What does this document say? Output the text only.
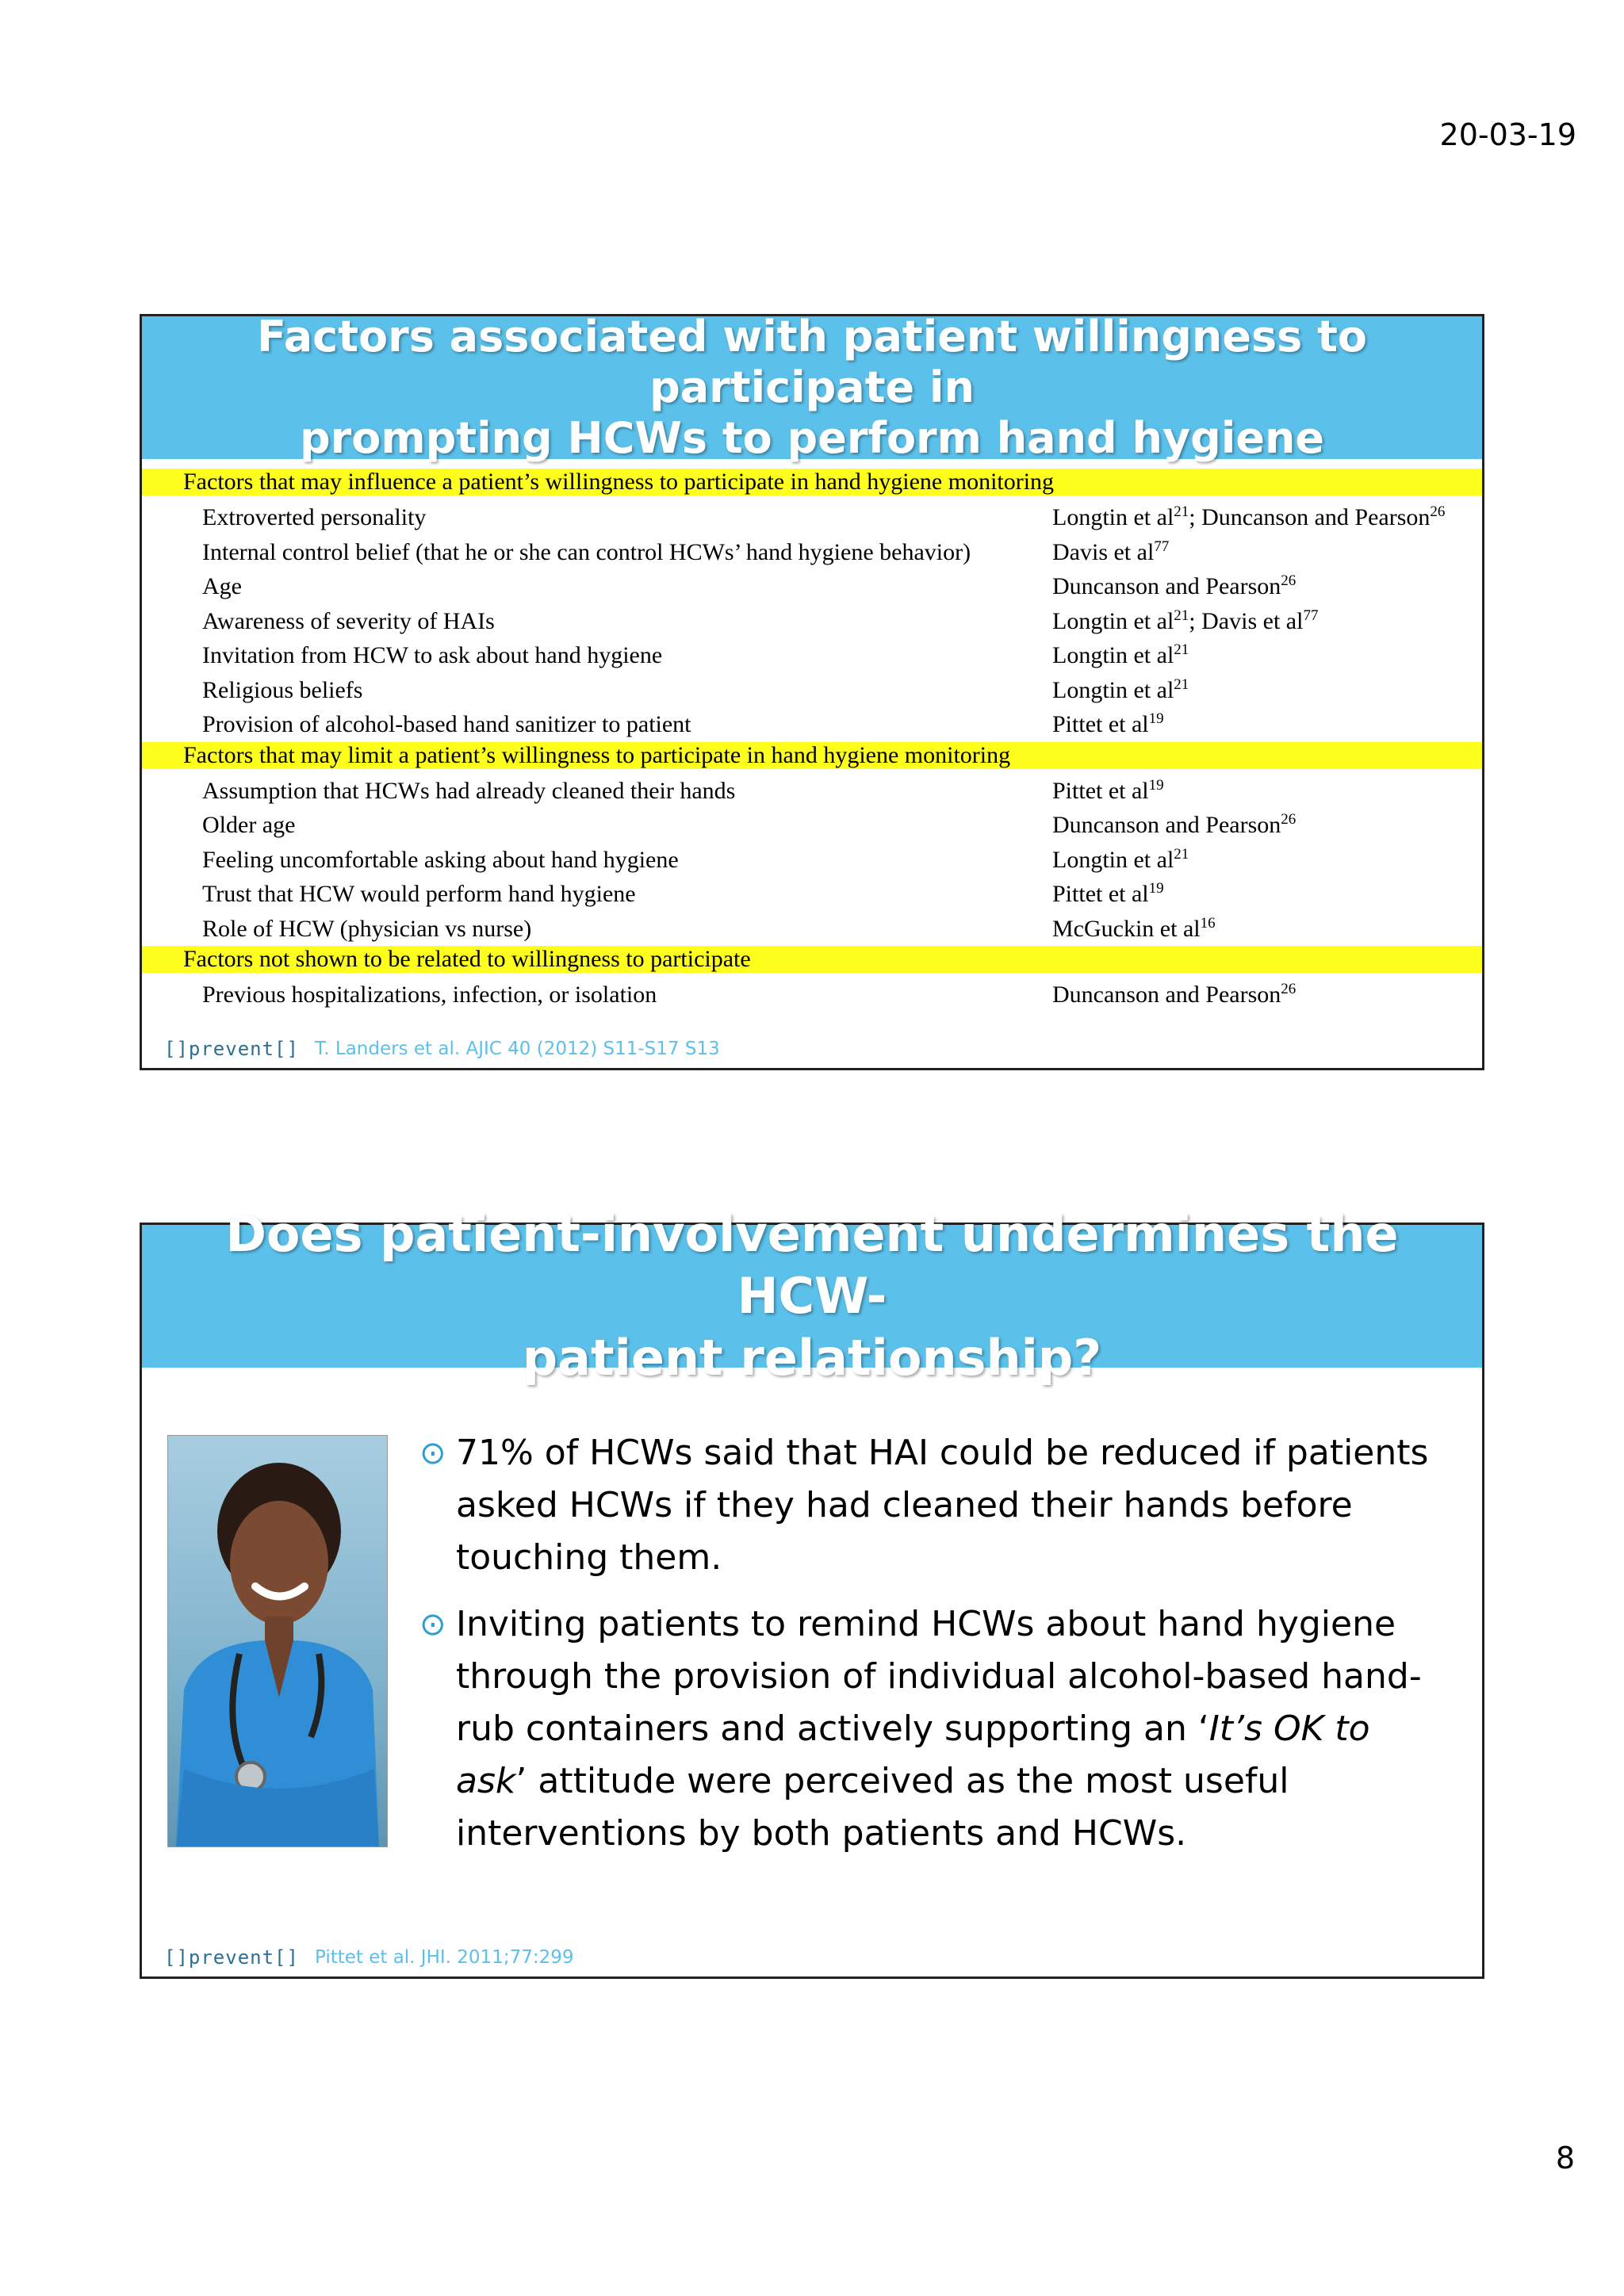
20-03-19
Factors associated with patient willingness to participate in
prompting HCWs to perform hand hygiene
Factors that may influence a patient’s willingness to participate in hand hygiene monitoring
Extroverted personality	Longtin et $al^{21}$; Duncanson and Pearson$^{26}$
Internal control belief (that he or she can control HCWs’ hand hygiene behavior)	Davis et $al^{77}$
Age	Duncanson and Pearson$^{26}$
Awareness of severity of HAIs	Longtin et $al^{21}$; Davis et $al^{77}$
Invitation from HCW to ask about hand hygiene	Longtin et $al^{21}$
Religious beliefs	Longtin et $al^{21}$
Provision of alcohol-based hand sanitizer to patient	Pittet et $al^{19}$
Factors that may limit a patient’s willingness to participate in hand hygiene monitoring
Assumption that HCWs had already cleaned their hands	Pittet et $al^{19}$
Older age	Duncanson and Pearson$^{26}$
Feeling uncomfortable asking about hand hygiene	Longtin et $al^{21}$
Trust that HCW would perform hand hygiene	Pittet et $al^{19}$
Role of HCW (physician vs nurse)	McGuckin et $al^{16}$
Factors not shown to be related to willingness to participate
Previous hospitalizations, infection, or isolation	Duncanson and Pearson$^{26}$
[]prevent[] T. Landers et al. AJIC 40 (2012) S11-S17 S13
Does patient-involvement undermines the HCW-
patient relationship?
⊙ 71% of HCWs said that HAI could be reduced if patients asked HCWs if they had cleaned their hands before touching them.
⊙ Inviting patients to remind HCWs about hand hygiene through the provision of individual alcohol-based hand-rub containers and actively supporting an ‘It’s OK to ask’ attitude were perceived as the most useful interventions by both patients and HCWs.
[]prevent[] Pittet et al. JHI. 2011;77:299
8
